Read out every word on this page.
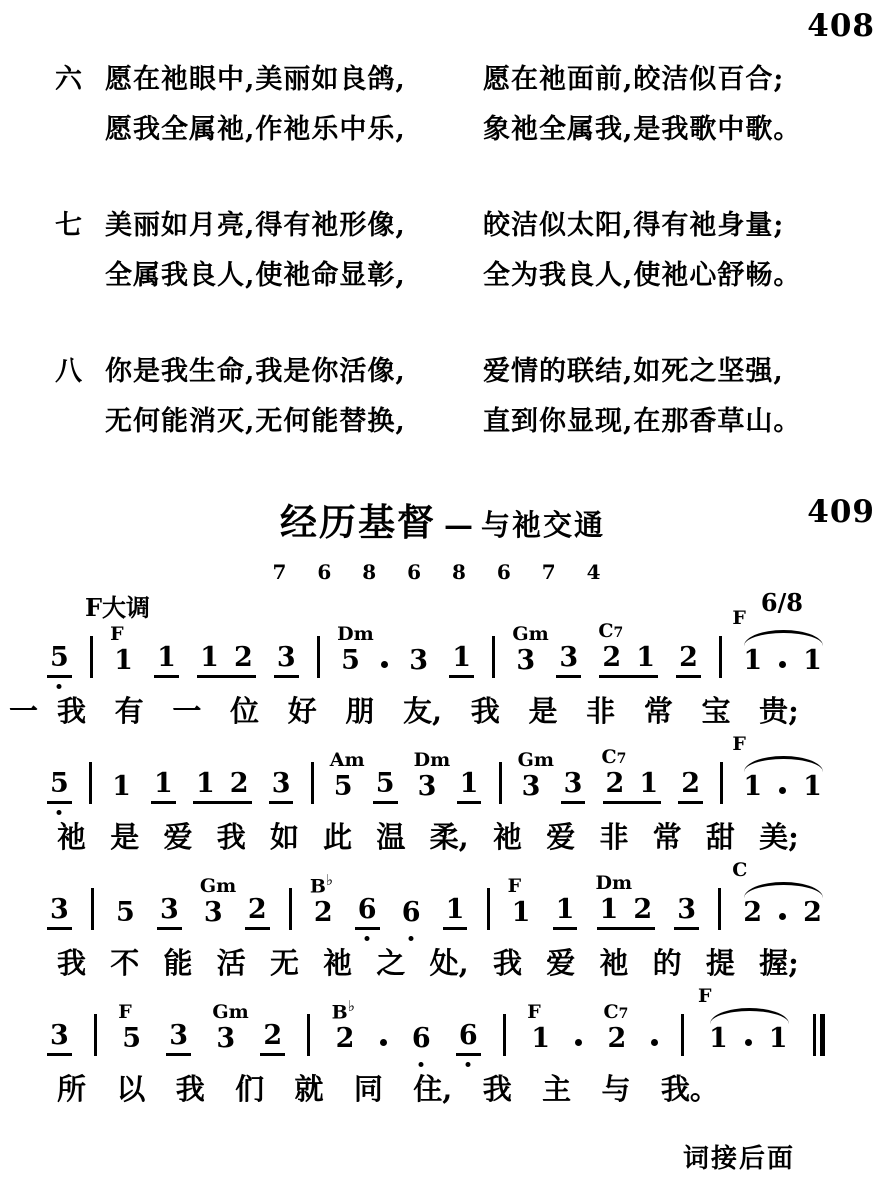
408
六 愿在祂眼中,美丽如良鸽,	愿在祂面前,皎洁似百合;
愿我全属祂,作祂乐中乐,	象祂全属我,是我歌中歌。
七 美丽如月亮,得有祂形像,	皎洁似太阳,得有祂身量;
全属我良人,使祂命显彰,	全为我良人,使祂心舒畅。
八 你是我生命,我是你活像,	爱情的联结,如死之坚强,
无何能消灭,无何能替换,	直到你显现,在那香草山。
经历基督 — 与祂交通	409
7 6 8 6 8 6 7 4
F大调	6/8
5 1
F
1 1 2 3 5
Dm
3 1 3
Gm
3 2 1
C7
2 1 1
F
一 我 有 一 位 好 朋 友, 我 是 非 常 宝 贵;
5 1 1 1 2 3 5
Am
5 3
Dm
1 3
Gm
3 2 1
C7
2 1 1
F
祂 是 爱 我 如 此 温 柔, 祂 爱 非 常 甜 美;
3 5 3 3
Gm
2 2
B♭
6 6 1 1
F
1 1 2
Dm
3 2 2
C
我 不 能 活 无 祂 之 处, 我 爱 祂 的 提 握;
3 5
F
3 3
Gm
2 2
B♭
6 6 1
F
2
C7
1 1
F
所 以 我 们 就 同 住, 我 主 与 我。
词接后面
